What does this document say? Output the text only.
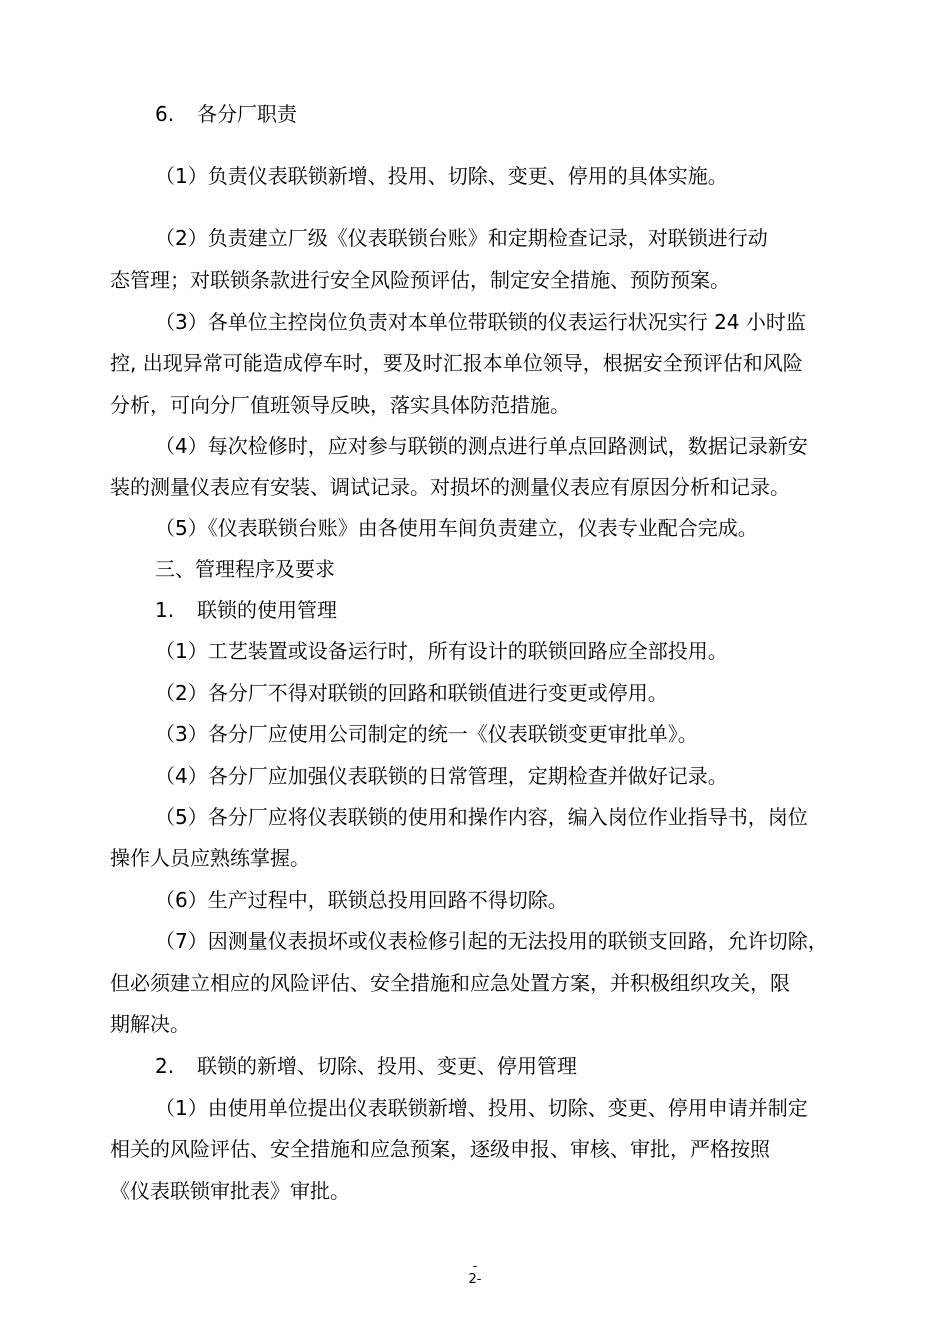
6. 各分厂职责
（1）负责仪表联锁新增、投用、切除、变更、停用的具体实施。
（2）负责建立厂级《仪表联锁台账》和定期检查记录，对联锁进行动
态管理；对联锁条款进行安全风险预评估，制定安全措施、预防预案。
（3）各单位主控岗位负责对本单位带联锁的仪表运行状况实行 24 小时监
控, 出现异常可能造成停车时，要及时汇报本单位领导，根据安全预评估和风险
分析，可向分厂值班领导反映，落实具体防范措施。
（4）每次检修时，应对参与联锁的测点进行单点回路测试，数据记录新安
装的测量仪表应有安装、调试记录。对损坏的测量仪表应有原因分析和记录。
（5）《仪表联锁台账》由各使用车间负责建立，仪表专业配合完成。
三、管理程序及要求
1. 联锁的使用管理
（1）工艺装置或设备运行时，所有设计的联锁回路应全部投用。
（2）各分厂不得对联锁的回路和联锁值进行变更或停用。
（3）各分厂应使用公司制定的统一《仪表联锁变更审批单》。
（4）各分厂应加强仪表联锁的日常管理，定期检查并做好记录。
（5）各分厂应将仪表联锁的使用和操作内容，编入岗位作业指导书，岗位
操作人员应熟练掌握。
（6）生产过程中，联锁总投用回路不得切除。
（7）因测量仪表损坏或仪表检修引起的无法投用的联锁支回路，允许切除，
但必须建立相应的风险评估、安全措施和应急处置方案，并积极组织攻关，限
期解决。
2. 联锁的新增、切除、投用、变更、停用管理
（1）由使用单位提出仪表联锁新增、投用、切除、变更、停用申请并制定
相关的风险评估、安全措施和应急预案，逐级申报、审核、审批，严格按照
《仪表联锁审批表》审批。
-
2-
